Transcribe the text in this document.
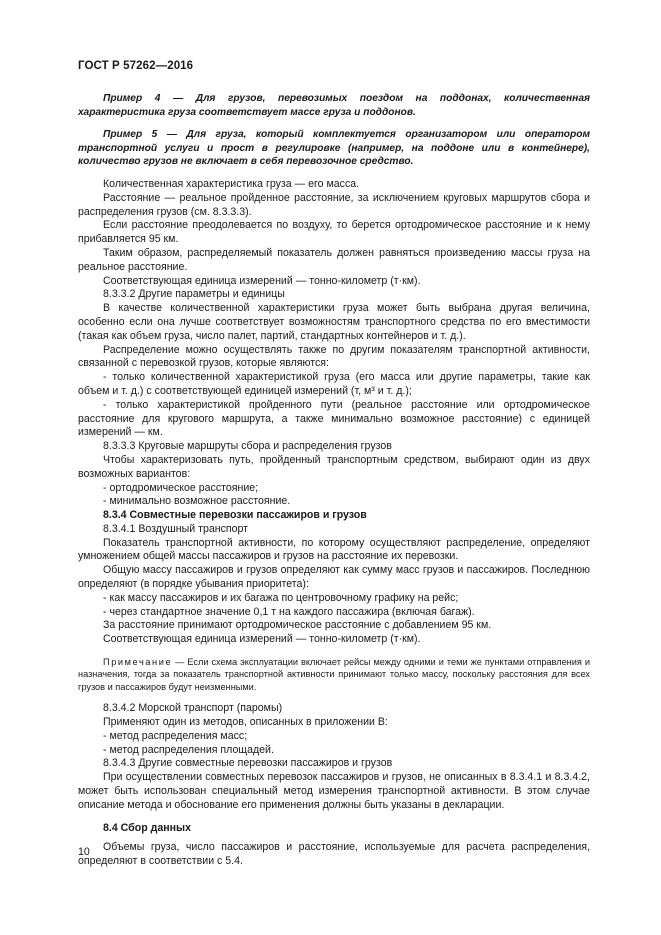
ГОСТ Р 57262—2016

Пример 4 — Для грузов, перевозимых поездом на поддонах, количественная характеристика груза соответствует массе груза и поддонов.

Пример 5 — Для груза, который комплектуется организатором или оператором транспортной услуги и прост в регулировке (например, на поддоне или в контейнере), количество грузов не включает в себя перевозочное средство.

Количественная характеристика груза — его масса.

Расстояние — реальное пройденное расстояние, за исключением круговых маршрутов сбора и распределения грузов (см. 8.3.3.3).

Если расстояние преодолевается по воздуху, то берется ортодромическое расстояние и к нему прибавляется 95 км.

Таким образом, распределяемый показатель должен равняться произведению массы груза на реальное расстояние.

Соответствующая единица измерений — тонно-километр (т·км).

8.3.3.2 Другие параметры и единицы

В качестве количественной характеристики груза может быть выбрана другая величина, особенно если она лучше соответствует возможностям транспортного средства по его вместимости (такая как объем груза, число палет, партий, стандартных контейнеров и т. д.).

Распределение можно осуществлять также по другим показателям транспортной активности, связанной с перевозкой грузов, которые являются:

- только количественной характеристикой груза (его масса или другие параметры, такие как объем и т. д.) с соответствующей единицей измерений (т, м³ и т. д.);

- только характеристикой пройденного пути (реальное расстояние или ортодромическое расстояние для кругового маршрута, а также минимально возможное расстояние) с единицей измерений — км.

8.3.3.3 Круговые маршруты сбора и распределения грузов

Чтобы характеризовать путь, пройденный транспортным средством, выбирают один из двух возможных вариантов:

- ортодромическое расстояние;

- минимально возможное расстояние.

8.3.4 Совместные перевозки пассажиров и грузов

8.3.4.1 Воздушный транспорт

Показатель транспортной активности, по которому осуществляют распределение, определяют умножением общей массы пассажиров и грузов на расстояние их перевозки.

Общую массу пассажиров и грузов определяют как сумму масс грузов и пассажиров. Последнюю определяют (в порядке убывания приоритета):

- как массу пассажиров и их багажа по центровочному графику на рейс;

- через стандартное значение 0,1 т на каждого пассажира (включая багаж).

За расстояние принимают ортодромическое расстояние с добавлением 95 км.

Соответствующая единица измерений — тонно-километр (т·км).

Примечание — Если схема эксплуатации включает рейсы между одними и теми же пунктами отправления и назначения, тогда за показатель транспортной активности принимают только массу, поскольку расстояния для всех грузов и пассажиров будут неизменными.

8.3.4.2 Морской транспорт (паромы)

Применяют один из методов, описанных в приложении В:

- метод распределения масс;

- метод распределения площадей.

8.3.4.3 Другие совместные перевозки пассажиров и грузов

При осуществлении совместных перевозок пассажиров и грузов, не описанных в 8.3.4.1 и 8.3.4.2, может быть использован специальный метод измерения транспортной активности. В этом случае описание метода и обоснование его применения должны быть указаны в декларации.

8.4 Сбор данных

Объемы груза, число пассажиров и расстояние, используемые для расчета распределения, определяют в соответствии с 5.4.

10
